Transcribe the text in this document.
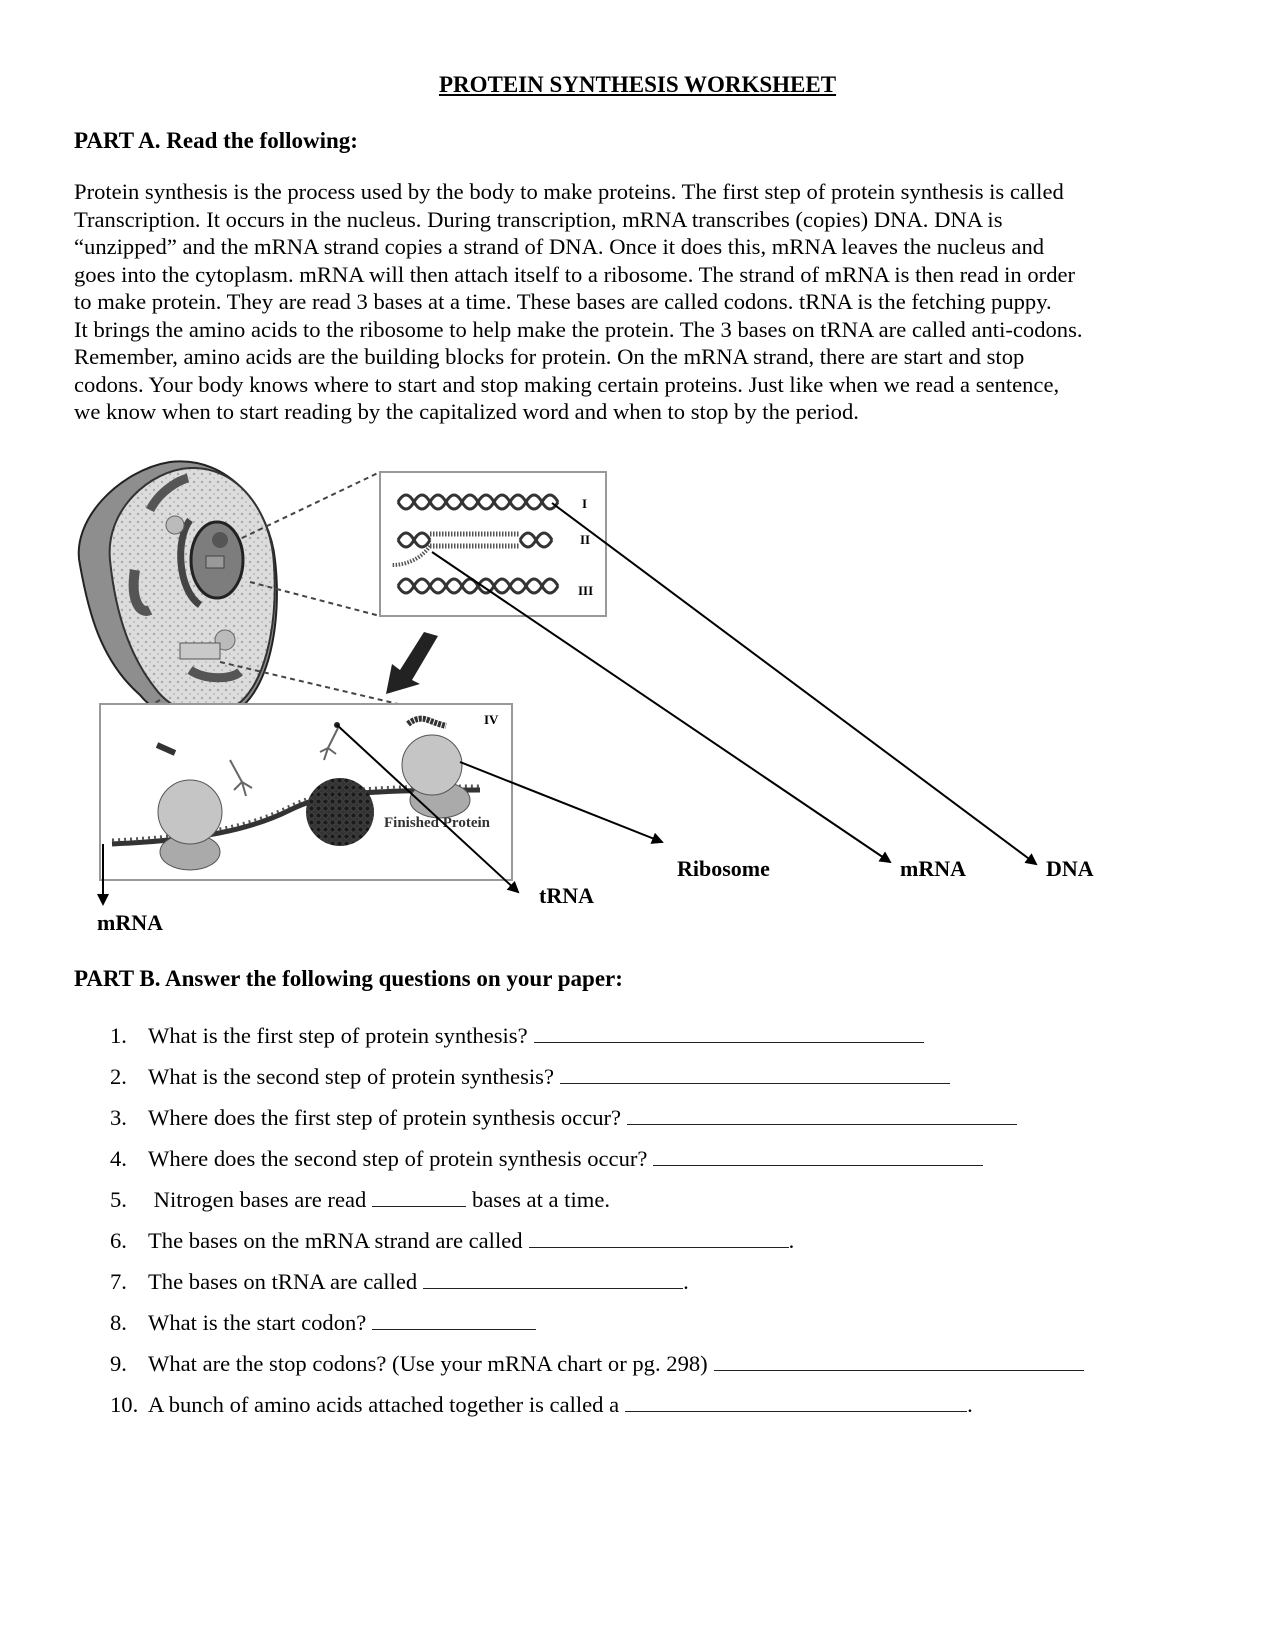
PROTEIN SYNTHESIS WORKSHEET
PART A. Read the following:
Protein synthesis is the process used by the body to make proteins. The first step of protein synthesis is called
Transcription. It occurs in the nucleus. During transcription, mRNA transcribes (copies) DNA. DNA is
“unzipped” and the mRNA strand copies a strand of DNA. Once it does this, mRNA leaves the nucleus and
goes into the cytoplasm. mRNA will then attach itself to a ribosome. The strand of mRNA is then read in order
to make protein. They are read 3 bases at a time. These bases are called codons. tRNA is the fetching puppy.
It brings the amino acids to the ribosome to help make the protein. The 3 bases on tRNA are called anti-codons.
Remember, amino acids are the building blocks for protein. On the mRNA strand, there are start and stop
codons. Your body knows where to start and stop making certain proteins. Just like when we read a sentence,
we know when to start reading by the capitalized word and when to stop by the period.
I
II
III
IV
Finished Protein
Ribosome	mRNA	DNA
tRNA
mRNA
PART B. Answer the following questions on your paper:
1. What is the first step of protein synthesis?
2. What is the second step of protein synthesis?
3. Where does the first step of protein synthesis occur?
4. Where does the second step of protein synthesis occur?
5. Nitrogen bases are read	bases at a time.
6. The bases on the mRNA strand are called	.
7. The bases on tRNA are called	.
8. What is the start codon?
9. What are the stop codons? (Use your mRNA chart or pg. 298)
10. A bunch of amino acids attached together is called a	.
